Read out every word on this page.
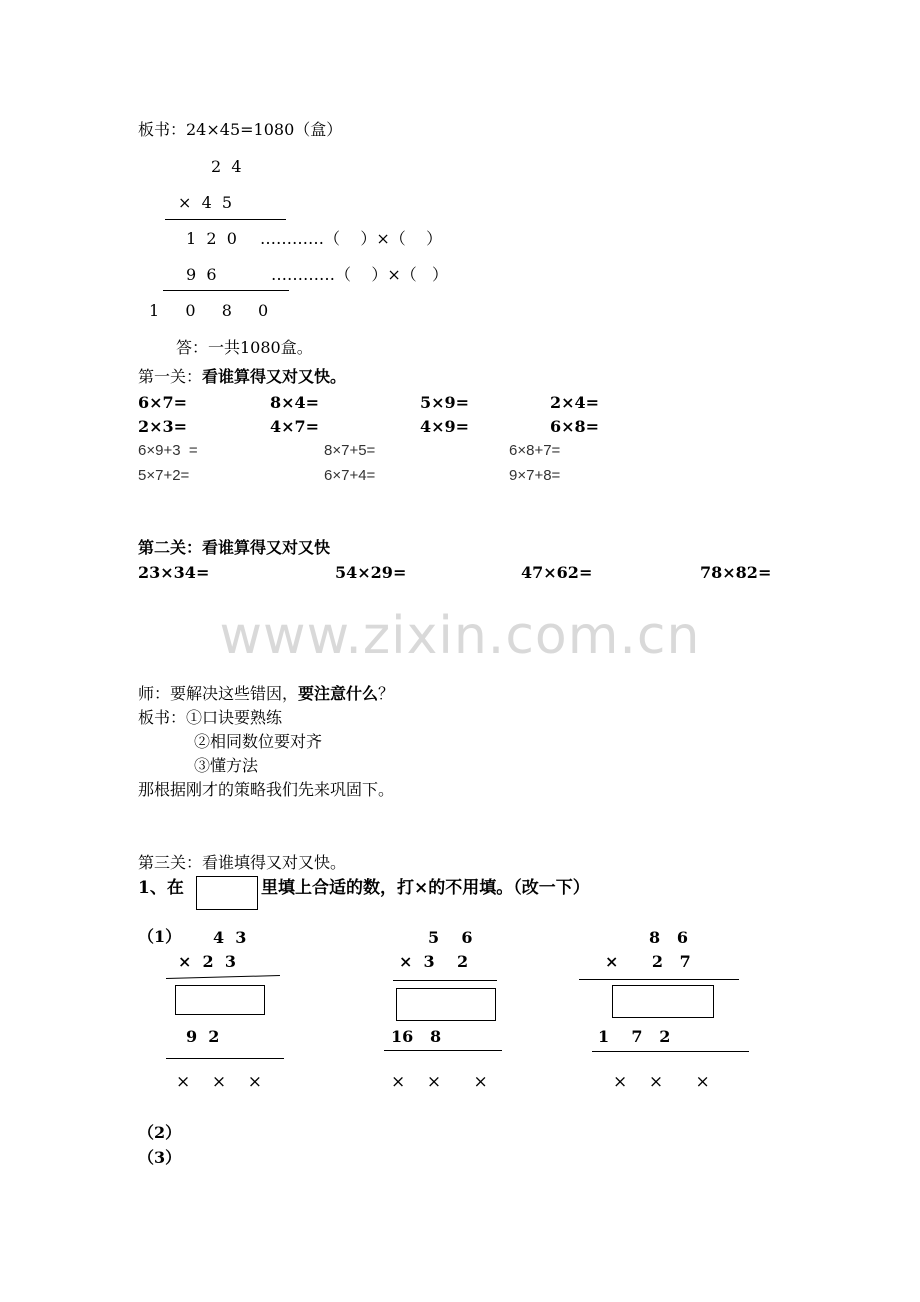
www.zixin.com.cn
板书：24×45=1080（盒）
2  4
×  4  5
1  2  0 …………（    ）×（    ）
9  6	…………（    ）×（   ）
1  0  8  0
答：一共1080盒。
第一关：看谁算得又对又快。
6×7=	8×4=	5×9=	2×4=
2×3=	4×7=	4×9=	6×8=
6×9+3  =	8×7+5=	6×8+7=
5×7+2=	6×7+4=	9×7+8=
第二关：看谁算得又对又快
23×34=	54×29=	47×62=	78×82=
师：要解决这些错因，要注意什么？
板书：①口诀要熟练
②相同数位要对齐
③懂方法
那根据刚才的策略我们先来巩固下。
第三关：看谁填得又对又快。
1、在	里填上合适的数，打×的不用填。（改一下）
（1） 4  3
×  2  3
9  2
×    ×    ×
5    6
×  3    2
16   8
×    ×      ×
8   6
×      2   7
1    7   2
×    ×      ×
（2）
（3）
